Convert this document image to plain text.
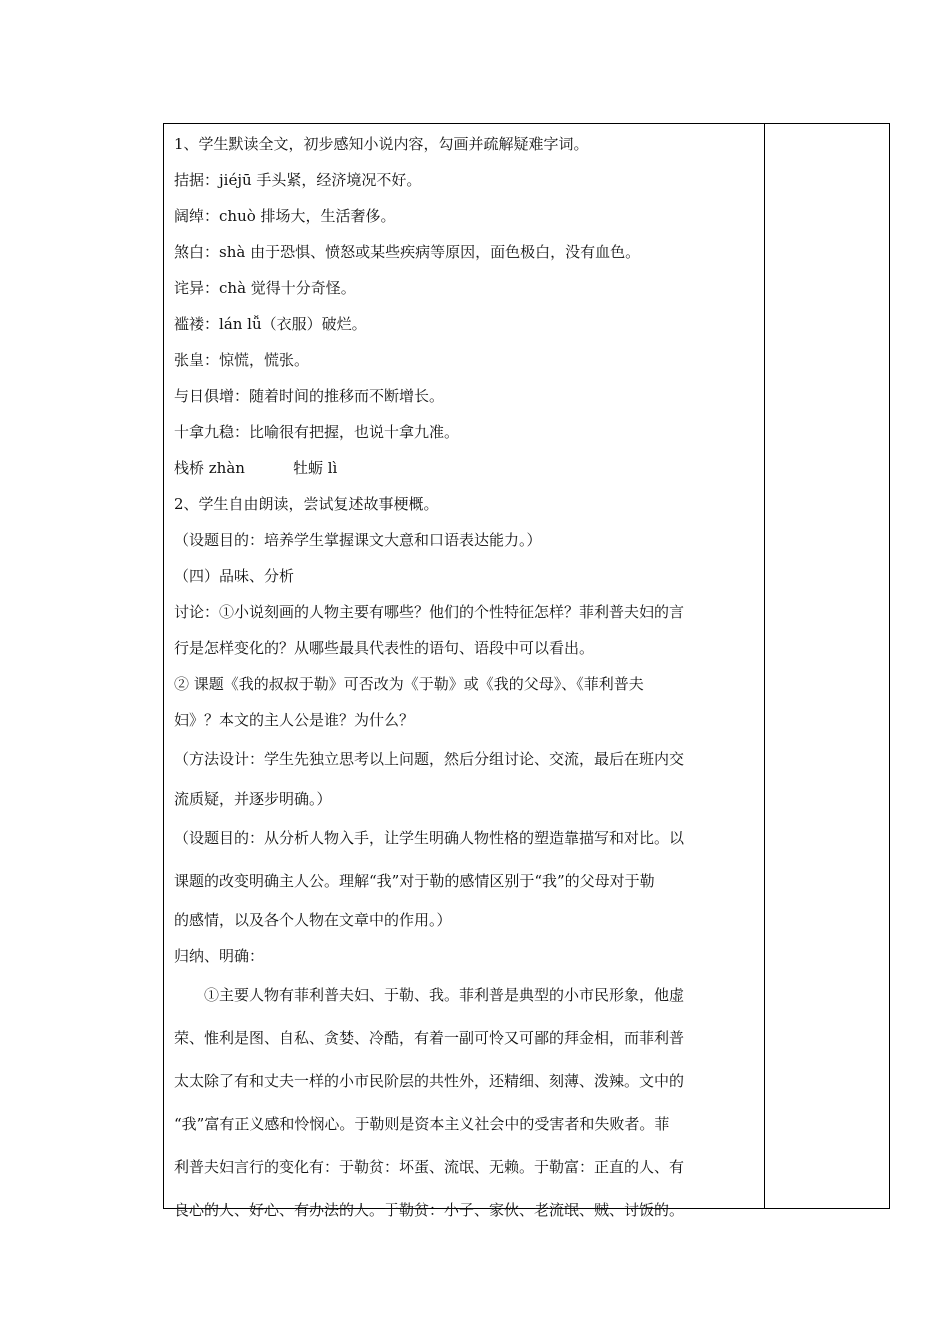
1、学生默读全文，初步感知小说内容，勾画并疏解疑难字词。
拮据：jiéjū 手头紧，经济境况不好。
阔绰：chuò 排场大，生活奢侈。
煞白：shà 由于恐惧、愤怒或某些疾病等原因，面色极白，没有血色。
诧异：chà 觉得十分奇怪。
褴褛：lán lǚ（衣服）破烂。
张皇：惊慌，慌张。
与日俱增：随着时间的推移而不断增长。
十拿九稳：比喻很有把握，也说十拿九准。
栈桥 zhàn	牡蛎 lì
2、学生自由朗读，尝试复述故事梗概。
（设题目的：培养学生掌握课文大意和口语表达能力。）
（四）品味、分析
讨论：①小说刻画的人物主要有哪些？他们的个性特征怎样？菲利普夫妇的言
行是怎样变化的？从哪些最具代表性的语句、语段中可以看出。
② 课题《我的叔叔于勒》可否改为《于勒》或《我的父母》、《菲利普夫
妇》？本文的主人公是谁？为什么？
（方法设计：学生先独立思考以上问题，然后分组讨论、交流，最后在班内交
流质疑，并逐步明确。）
（设题目的：从分析人物入手，让学生明确人物性格的塑造靠描写和对比。以
课题的改变明确主人公。理解“我”对于勒的感情区别于“我”的父母对于勒
的感情，以及各个人物在文章中的作用。）
归纳、明确：
①主要人物有菲利普夫妇、于勒、我。菲利普是典型的小市民形象，他虚
荣、惟利是图、自私、贪婪、冷酷，有着一副可怜又可鄙的拜金相，而菲利普
太太除了有和丈夫一样的小市民阶层的共性外，还精细、刻薄、泼辣。文中的
“我”富有正义感和怜悯心。于勒则是资本主义社会中的受害者和失败者。菲
利普夫妇言行的变化有：于勒贫：坏蛋、流氓、无赖。于勒富：正直的人、有
良心的人、好心、有办法的人。于勒贫：小子、家伙、老流氓、贼、讨饭的。
